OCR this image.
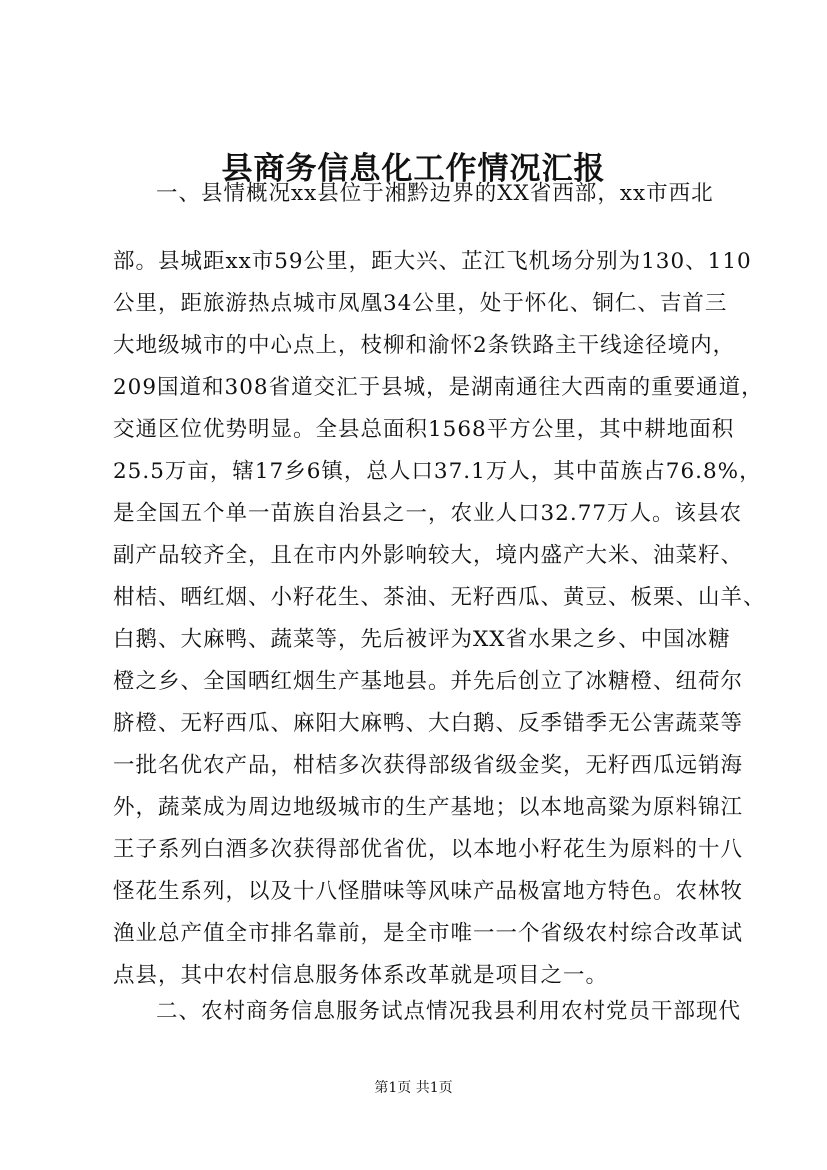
县商务信息化工作情况汇报
一、县情概况xx县位于湘黔边界的XX省西部，xx市西北
部。县城距xx市59公里，距大兴、芷江飞机场分别为130、110
公里，距旅游热点城市凤凰34公里，处于怀化、铜仁、吉首三
大地级城市的中心点上，枝柳和渝怀2条铁路主干线途径境内，
209国道和308省道交汇于县城，是湖南通往大西南的重要通道，
交通区位优势明显。全县总面积1568平方公里，其中耕地面积
25.5万亩，辖17乡6镇，总人口37.1万人，其中苗族占76.8%，
是全国五个单一苗族自治县之一，农业人口32.77万人。该县农
副产品较齐全，且在市内外影响较大，境内盛产大米、油菜籽、
柑桔、晒红烟、小籽花生、茶油、无籽西瓜、黄豆、板栗、山羊、
白鹅、大麻鸭、蔬菜等，先后被评为XX省水果之乡、中国冰糖
橙之乡、全国晒红烟生产基地县。并先后创立了冰糖橙、纽荷尔
脐橙、无籽西瓜、麻阳大麻鸭、大白鹅、反季错季无公害蔬菜等
一批名优农产品，柑桔多次获得部级省级金奖，无籽西瓜远销海
外，蔬菜成为周边地级城市的生产基地；以本地高粱为原料锦江
王子系列白酒多次获得部优省优，以本地小籽花生为原料的十八
怪花生系列，以及十八怪腊味等风味产品极富地方特色。农林牧
渔业总产值全市排名靠前，是全市唯一一个省级农村综合改革试
点县，其中农村信息服务体系改革就是项目之一。
二、农村商务信息服务试点情况我县利用农村党员干部现代
第1页 共1页
